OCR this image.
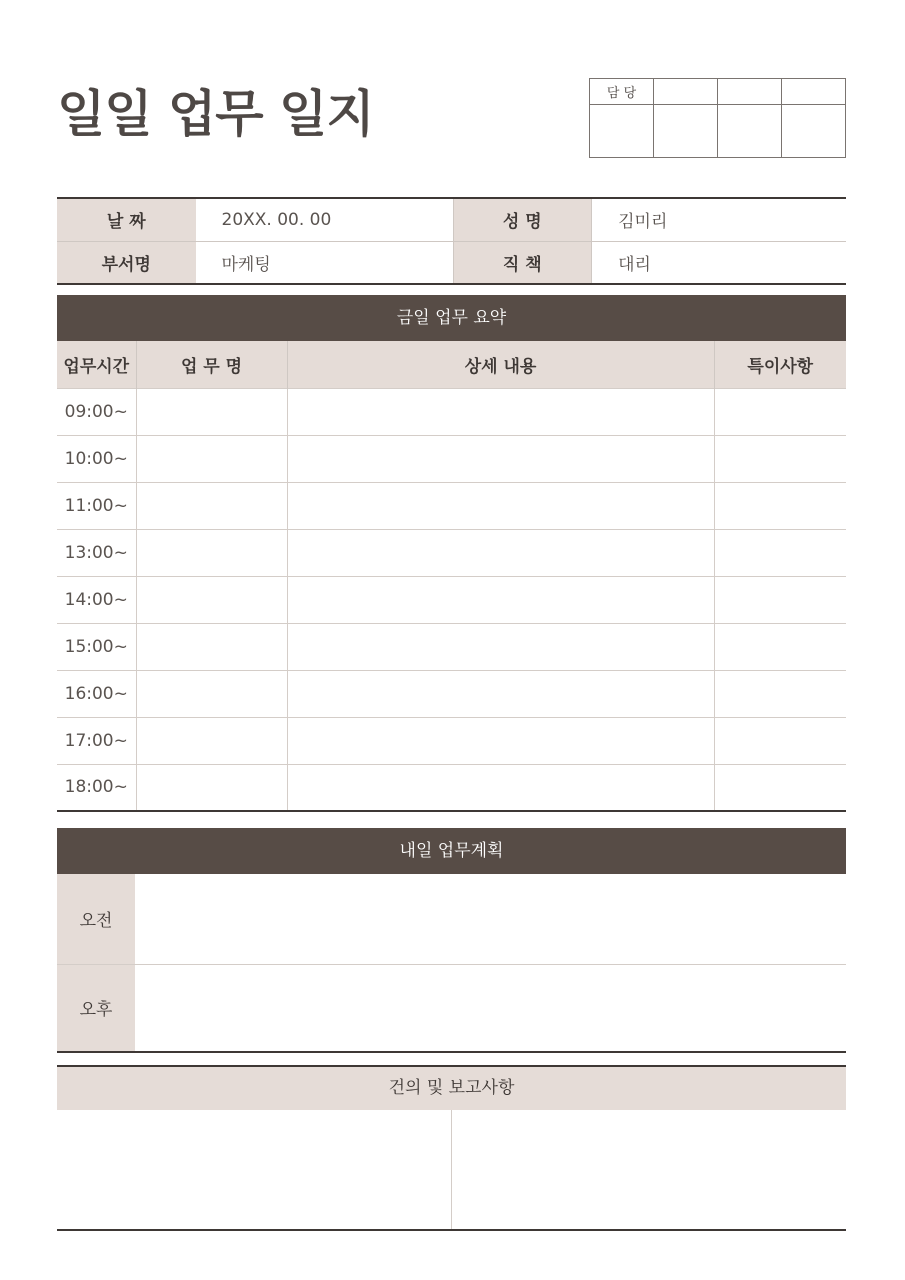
일일 업무 일지	담 당			

날 짜	20XX. 00. 00	성 명	김미리
부서명	마케팅	직 책	대리
금일 업무 요약
업무시간	업 무 명	상세 내용	특이사항
09:00~			
10:00~			
11:00~			
13:00~			
14:00~			
15:00~			
16:00~			
17:00~			
18:00~			
내일 업무계획
오전	
오후	
건의 및 보고사항
